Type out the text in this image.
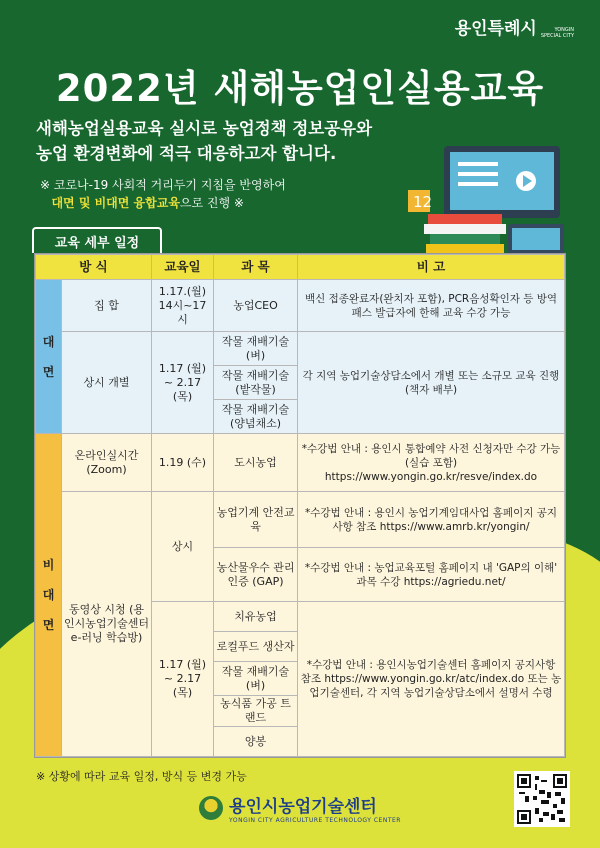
용인특례시	YONGIN
SPECIAL CITY
2022년 새해농업인실용교육
새해농업실용교육 실시로 농업정책 정보공유와
농업 환경변화에 적극 대응하고자 합니다.
※ 코로나-19 사회적 거리두기 지침을 반영하여
대면 및 비대면 융합교육으로 진행 ※	12
교육 세부 일정
방 식		교육일	과 목	비 고
대 면	집 합	1.17.(월) 14시~17시	농업CEO	백신 접종완료자(완치자 포함), PCR음성확인자 등 방역패스 발급자에 한해 교육 수강 가능
	상시 개별	1.17 (월) ~ 2.17 (목)	작물 재배기술 (벼)	각 지역 농업기술상담소에서 개별 또는 소규모 교육 진행(책자 배부)
			작물 재배기술 (밭작물)	
			작물 재배기술 (양념채소)	
비 대 면	온라인실시간 (Zoom)	1.19 (수)	도시농업	*수강법 안내 : 용인시 통합예약 사전 신청자만 수강 가능(실습 포함) https://www.yongin.go.kr/resve/index.do
	동영상 시청 (용인시농업기술센터 e-러닝 학습방)	상시	농업기계 안전교육	*수강법 안내 : 용인시 농업기계임대사업 홈페이지 공지사항 참조 https://www.amrb.kr/yongin/
			농산물우수 관리인증 (GAP)	*수강법 안내 : 농업교육포털 홈페이지 내 'GAP의 이해' 과목 수강 https://agriedu.net/
		1.17 (월) ~ 2.17 (목)	치유농업	*수강법 안내 : 용인시농업기술센터 홈페이지 공지사항 참조 https://www.yongin.go.kr/atc/index.do 또는 농업기술센터, 각 지역 농업기술상담소에서 설명서 수령
			로컬푸드 생산자	
			작물 재배기술 (벼)	
			농식품 가공 트랜드	
			양봉	
※ 상황에 따라 교육 일정, 방식 등 변경 가능
용인시농업기술센터
YONGIN CITY AGRICULTURE TECHNOLOGY CENTER
